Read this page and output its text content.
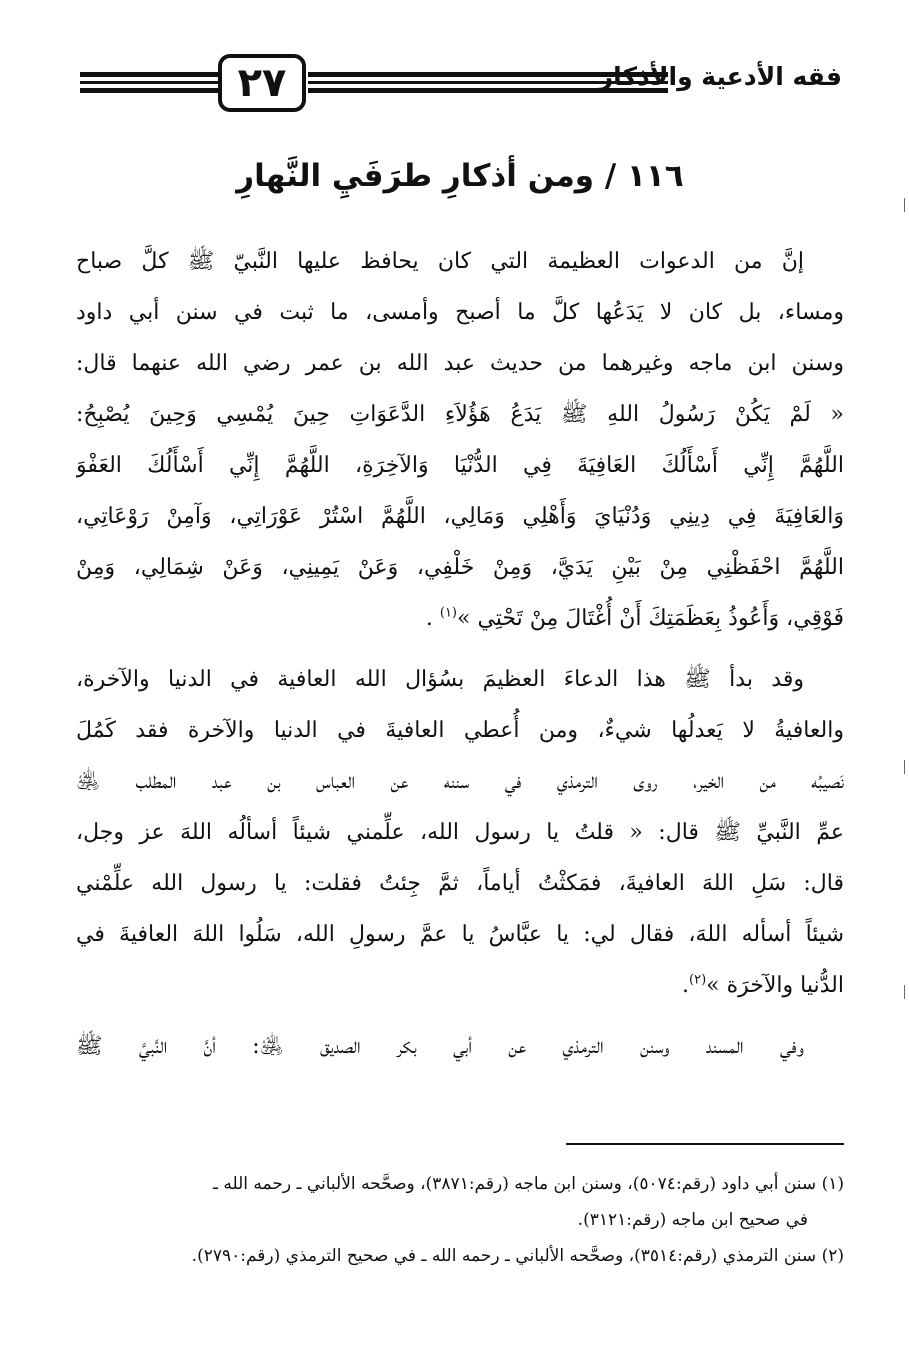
٢٧	فقه الأدعية والأذكار
١١٦ / ومن أذكارِ طرَفَيِ النَّهارِ
إنَّ من الدعوات العظيمة التي كان يحافظ عليها النَّبيّ ﷺ كلَّ صباح
ومساء، بل كان لا يَدَعُها كلَّ ما أصبح وأمسى، ما ثبت في سنن أبي داود
وسنن ابن ماجه وغيرهما من حديث عبد الله بن عمر رضي الله عنهما قال:
« لَمْ يَكُنْ رَسُولُ اللهِ ﷺ يَدَعُ هَؤُلاَءِ الدَّعَوَاتِ حِينَ يُمْسِي وَحِينَ يُصْبِحُ:
اللَّهُمَّ إِنِّي أَسْأَلُكَ العَافِيَةَ فِي الدُّنْيَا وَالآخِرَةِ، اللَّهُمَّ إِنِّي أَسْأَلُكَ العَفْوَ
وَالعَافِيَةَ فِي دِينِي وَدُنْيَايَ وَأَهْلِي وَمَالِي، اللَّهُمَّ اسْتُرْ عَوْرَاتِي، وَآمِنْ رَوْعَاتِي،
اللَّهُمَّ احْفَظْنِي مِنْ بَيْنِ يَدَيَّ، وَمِنْ خَلْفِي، وَعَنْ يَمِينِي، وَعَنْ شِمَالِي، وَمِنْ
فَوْقِي، وَأَعُوذُ بِعَظَمَتِكَ أَنْ أُغْتَالَ مِنْ تَحْتِي »$^{(١)}$ .
وقد بدأ ﷺ هذا الدعاءَ العظيمَ بسُؤال الله العافية في الدنيا والآخرة،
والعافيةُ لا يَعدلُها شيءٌ، ومن أُعطي العافيةَ في الدنيا والآخرة فقد كَمُلَ
نَصيبُه من الخير، روى الترمذي في سننه عن العباس بن عبد المطلب ﵁
عمِّ النَّبيِّ ﷺ قال: « قلتُ يا رسول الله، علِّمني شيئاً أسألُه اللهَ عز وجل،
قال: سَلِ اللهَ العافيةَ، فمَكثْتُ أياماً، ثمَّ جِئتُ فقلت: يا رسول الله علِّمْني
شيئاً أسأله اللهَ، فقال لي: يا عبَّاسُ يا عمَّ رسولِ الله، سَلُوا اللهَ العافيةَ في
الدُّنيا والآخرَة »$^{(٢)}$.
وفي المسند وسنن الترمذي عن أبي بكر الصديق ﵁: أنَّ النَّبيَّ ﷺ
(١) سنن أبي داود (رقم:٥٠٧٤)، وسنن ابن ماجه (رقم:٣٨٧١)، وصحَّحه الألباني ـ رحمه الله ـ
في صحيح ابن ماجه (رقم:٣١٢١).
(٢) سنن الترمذي (رقم:٣٥١٤)، وصحَّحه الألباني ـ رحمه الله ـ في صحيح الترمذي (رقم:٢٧٩٠).
